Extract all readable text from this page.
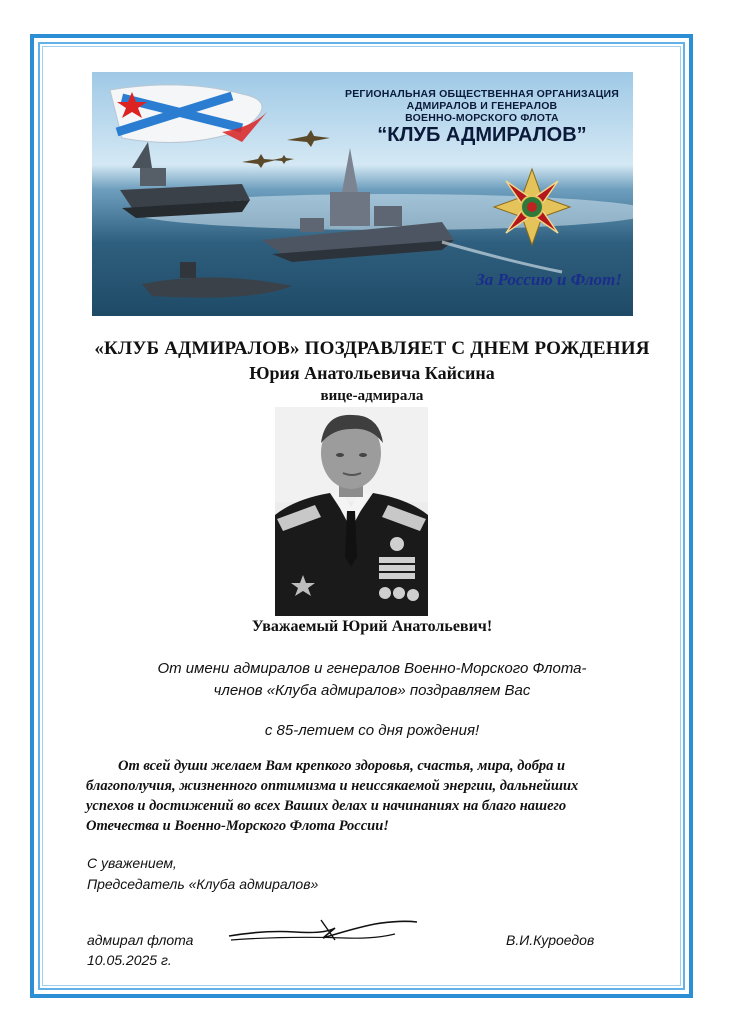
РЕГИОНАЛЬНАЯ ОБЩЕСТВЕННАЯ ОРГАНИЗАЦИЯ
АДМИРАЛОВ И ГЕНЕРАЛОВ
ВОЕННО-МОРСКОГО ФЛОТА
“КЛУБ АДМИРАЛОВ”
За Россию и Флот!
«КЛУБ АДМИРАЛОВ» ПОЗДРАВЛЯЕТ С ДНЕМ РОЖДЕНИЯ
Юрия Анатольевича Кайсина
вице-адмирала
Уважаемый Юрий Анатольевич!
От имени адмиралов и генералов Военно-Морского Флота-
членов «Клуба адмиралов» поздравляем Вас
с 85-летием со дня рождения!
От всей души желаем Вам крепкого здоровья, счастья, мира, добра и
благополучия, жизненного оптимизма и неиссякаемой энергии, дальнейших
успехов и достижений во всех Ваших делах и начинаниях на благо нашего
Отечества и Военно-Морского Флота России!
С уважением,
Председатель «Клуба адмиралов»
адмирал флота
10.05.2025 г.
В.И.Куроедов
